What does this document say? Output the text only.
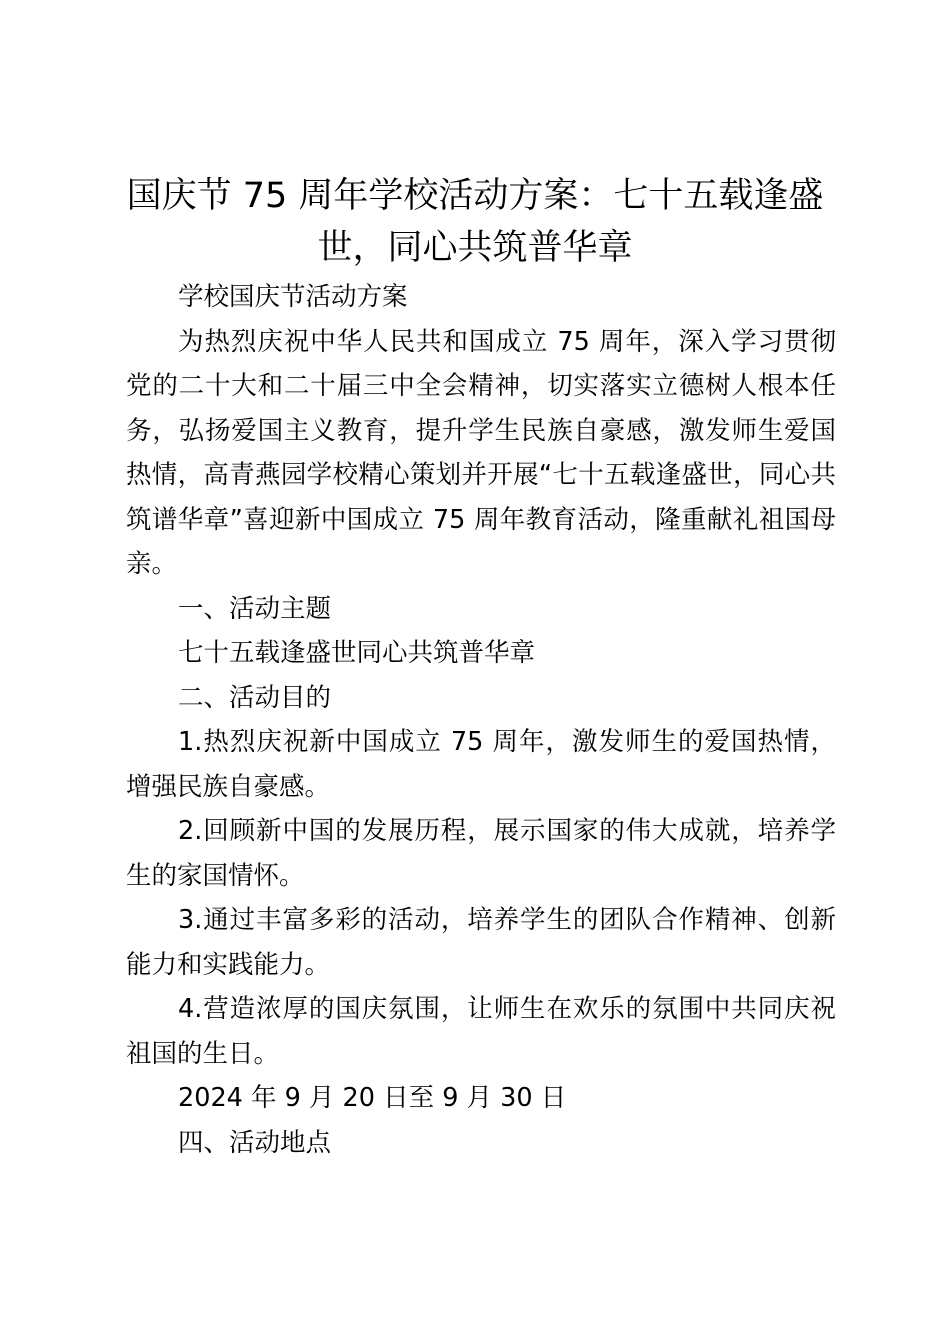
国庆节 75 周年学校活动方案：七十五载逢盛世，同心共筑普华章

学校国庆节活动方案

为热烈庆祝中华人民共和国成立 75 周年，深入学习贯彻党的二十大和二十届三中全会精神，切实落实立德树人根本任务，弘扬爱国主义教育，提升学生民族自豪感，激发师生爱国热情，高青燕园学校精心策划并开展“七十五载逢盛世，同心共筑谱华章”喜迎新中国成立 75 周年教育活动，隆重献礼祖国母亲。

一、活动主题

七十五载逢盛世同心共筑普华章

二、活动目的

1.热烈庆祝新中国成立 75 周年，激发师生的爱国热情，增强民族自豪感。

2.回顾新中国的发展历程，展示国家的伟大成就，培养学生的家国情怀。

3.通过丰富多彩的活动，培养学生的团队合作精神、创新能力和实践能力。

4.营造浓厚的国庆氛围，让师生在欢乐的氛围中共同庆祝祖国的生日。

2024 年 9 月 20 日至 9 月 30 日

四、活动地点
